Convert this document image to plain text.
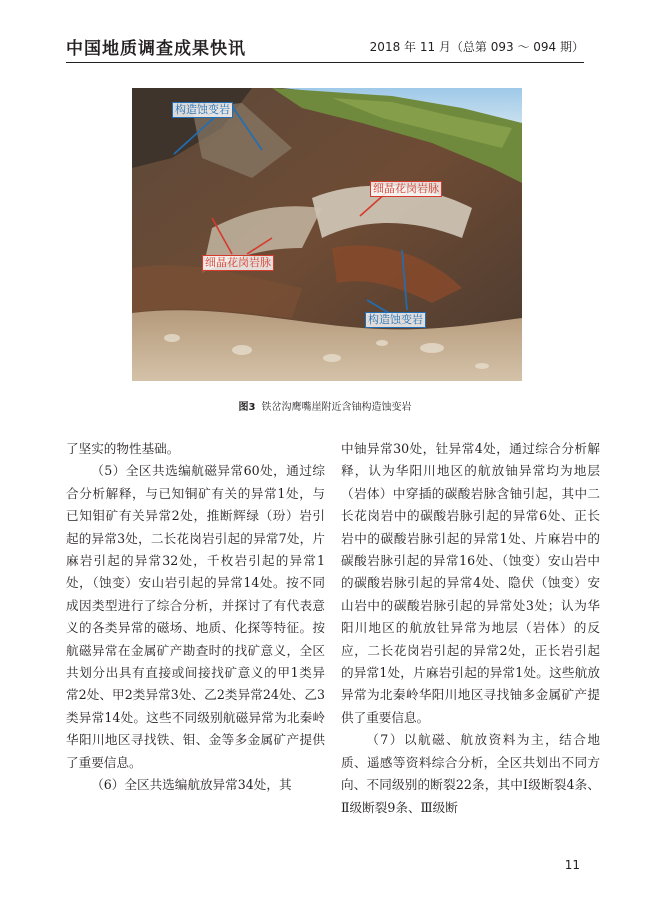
中国地质调查成果快讯	2018 年 11 月（总第 093 ～ 094 期）
构造蚀变岩
细晶花岗岩脉
细晶花岗岩脉
构造蚀变岩
图3 铁岔沟鹰嘴崖附近含铀构造蚀变岩

了坚实的物性基础。

（5）全区共选编航磁异常60处，通过综合分析解释，与已知铜矿有关的异常1处，与已知钼矿有关异常2处，推断辉绿（玢）岩引起的异常3处，二长花岗岩引起的异常7处，片麻岩引起的异常32处，千枚岩引起的异常1处，（蚀变）安山岩引起的异常14处。按不同成因类型进行了综合分析，并探讨了有代表意义的各类异常的磁场、地质、化探等特征。按航磁异常在金属矿产勘查时的找矿意义，全区共划分出具有直接或间接找矿意义的甲1类异常2处、甲2类异常3处、乙2类异常24处、乙3类异常14处。这些不同级别航磁异常为北秦岭华阳川地区寻找铁、钼、金等多金属矿产提供了重要信息。

（6）全区共选编航放异常34处，其

中铀异常30处，钍异常4处，通过综合分析解释，认为华阳川地区的航放铀异常均为地层（岩体）中穿插的碳酸岩脉含铀引起，其中二长花岗岩中的碳酸岩脉引起的异常6处、正长岩中的碳酸岩脉引起的异常1处、片麻岩中的碳酸岩脉引起的异常16处、（蚀变）安山岩中的碳酸岩脉引起的异常4处、隐伏（蚀变）安山岩中的碳酸岩脉引起的异常处3处；认为华阳川地区的航放钍异常为地层（岩体）的反应，二长花岗岩引起的异常2处，正长岩引起的异常1处，片麻岩引起的异常1处。这些航放异常为北秦岭华阳川地区寻找铀多金属矿产提供了重要信息。

（7）以航磁、航放资料为主，结合地质、遥感等资料综合分析，全区共划出不同方向、不同级别的断裂22条，其中Ⅰ级断裂4条、Ⅱ级断裂9条、Ⅲ级断

11
